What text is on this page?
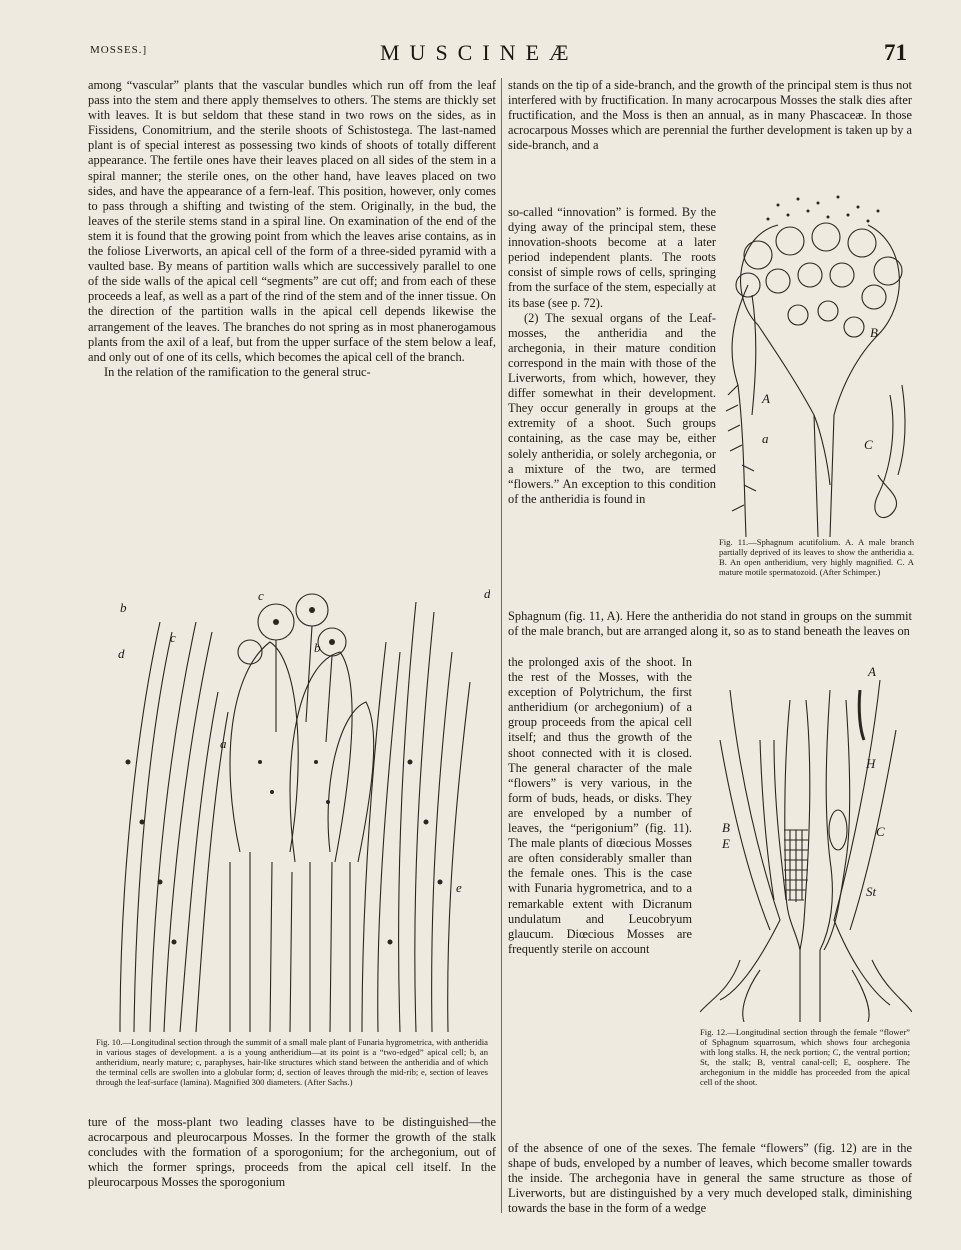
MOSSES.]	MUSCINEÆ	71

among “vascular” plants that the vascular bundles which run off from the leaf pass into the stem and there apply themselves to others. The stems are thickly set with leaves. It is but seldom that these stand in two rows on the sides, as in Fissidens, Conomitrium, and the sterile shoots of Schistostega. The last-named plant is of special interest as possessing two kinds of shoots of totally different appearance. The fertile ones have their leaves placed on all sides of the stem in a spiral manner; the sterile ones, on the other hand, have leaves placed on two sides, and have the appearance of a fern-leaf. This position, however, only comes to pass through a shifting and twisting of the stem. Originally, in the bud, the leaves of the sterile stems stand in a spiral line. On examination of the end of the stem it is found that the growing point from which the leaves arise contains, as in the foliose Liverworts, an apical cell of the form of a three-sided pyramid with a vaulted base. By means of partition walls which are successively parallel to one of the side walls of the apical cell “segments” are cut off; and from each of these proceeds a leaf, as well as a part of the rind of the stem and of the inner tissue. On the direction of the partition walls in the apical cell depends likewise the arrangement of the leaves. The branches do not spring as in most phanerogamous plants from the axil of a leaf, but from the upper surface of the stem below a leaf, and only out of one of its cells, which becomes the apical cell of the branch.

In the relation of the ramification to the general struc-

b
c
d
d
c
b
a
e
Fig. 10.—Longitudinal section through the summit of a small male plant of Funaria hygrometrica, with antheridia in various stages of development. a is a young antheridium—at its point is a “two-edged” apical cell; b, an antheridium, nearly mature; c, paraphyses, hair-like structures which stand between the antheridia and of which the terminal cells are swollen into a globular form; d, section of leaves through the mid-rib; e, section of leaves through the leaf-surface (lamina). Magnified 300 diameters. (After Sachs.)

ture of the moss-plant two leading classes have to be distinguished—the acrocarpous and pleurocarpous Mosses. In the former the growth of the stalk concludes with the formation of a sporogonium; for the archegonium, out of which the former springs, proceeds from the apical cell itself. In the pleurocarpous Mosses the sporogonium

stands on the tip of a side-branch, and the growth of the principal stem is thus not interfered with by fructification. In many acrocarpous Mosses the stalk dies after fructification, and the Moss is then an annual, as in many Phascaceæ. In those acrocarpous Mosses which are perennial the further development is taken up by a side-branch, and a

so-called “innovation” is formed. By the dying away of the principal stem, these innovation-shoots become at a later period independent plants. The roots consist of simple rows of cells, springing from the surface of the stem, especially at its base (see p. 72).

(2) The sexual organs of the Leaf-mosses, the antheridia and the archegonia, in their mature condition correspond in the main with those of the Liverworts, from which, however, they differ somewhat in their development. They occur generally in groups at the extremity of a shoot. Such groups containing, as the case may be, either solely antheridia, or solely archegonia, or a mixture of the two, are termed “flowers.” An exception to this condition of the antheridia is found in

B
A
a	C
Fig. 11.—Sphagnum acutifolium. A. A male branch partially deprived of its leaves to show the antheridia a. B. An open antheridium, very highly magnified. C. A mature motile spermatozoid. (After Schimper.)

Sphagnum (fig. 11, A). Here the antheridia do not stand in groups on the summit of the male branch, but are arranged along it, so as to stand beneath the leaves on

the prolonged axis of the shoot. In the rest of the Mosses, with the exception of Polytrichum, the first antheridium (or archegonium) of a group proceeds from the apical cell itself; and thus the growth of the shoot connected with it is closed. The general character of the male “flowers” is very various, in the form of buds, heads, or disks. They are enveloped by a number of leaves, the “perigonium” (fig. 11). The male plants of diœcious Mosses are often considerably smaller than the female ones. This is the case with Funaria hygrometrica, and to a remarkable extent with Dicranum undulatum and Leucobryum glaucum. Diœcious Mosses are frequently sterile on account

A
H
B
E
C
St
Fig. 12.—Longitudinal section through the female “flower” of Sphagnum squarrosum, which shows four archegonia with long stalks. H, the neck portion; C, the ventral portion; St, the stalk; B, ventral canal-cell; E, oosphere. The archegonium in the middle has proceeded from the apical cell of the shoot.

of the absence of one of the sexes. The female “flowers” (fig. 12) are in the shape of buds, enveloped by a number of leaves, which become smaller towards the inside. The archegonia have in general the same structure as those of Liverworts, but are distinguished by a very much developed stalk, diminishing towards the base in the form of a wedge
